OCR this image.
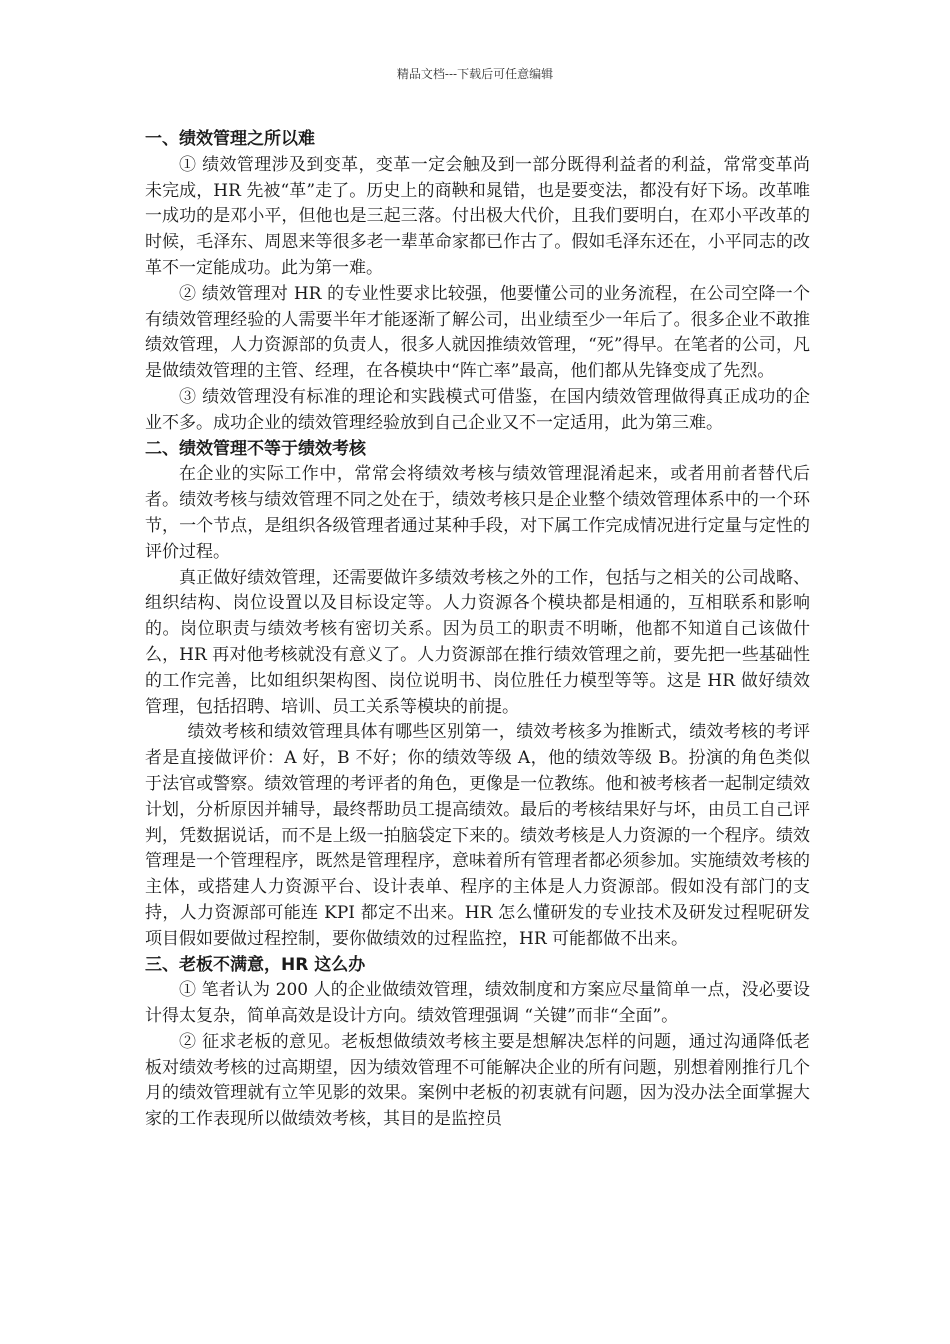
精品文档---下载后可任意编辑
一、绩效管理之所以难

① 绩效管理涉及到变革，变革一定会触及到一部分既得利益者的利益，常常变革尚未完成，HR 先被“革”走了。历史上的商鞅和晁错，也是要变法，都没有好下场。改革唯一成功的是邓小平，但他也是三起三落。付出极大代价，且我们要明白，在邓小平改革的时候，毛泽东、周恩来等很多老一辈革命家都已作古了。假如毛泽东还在，小平同志的改革不一定能成功。此为第一难。

② 绩效管理对 HR 的专业性要求比较强，他要懂公司的业务流程，在公司空降一个有绩效管理经验的人需要半年才能逐渐了解公司，出业绩至少一年后了。很多企业不敢推绩效管理，人力资源部的负责人，很多人就因推绩效管理，“死”得早。在笔者的公司，凡是做绩效管理的主管、经理，在各模块中“阵亡率”最高，他们都从先锋变成了先烈。

③ 绩效管理没有标准的理论和实践模式可借鉴，在国内绩效管理做得真正成功的企业不多。成功企业的绩效管理经验放到自己企业又不一定适用，此为第三难。

二、绩效管理不等于绩效考核

在企业的实际工作中，常常会将绩效考核与绩效管理混淆起来，或者用前者替代后者。绩效考核与绩效管理不同之处在于，绩效考核只是企业整个绩效管理体系中的一个环节，一个节点，是组织各级管理者通过某种手段，对下属工作完成情况进行定量与定性的评价过程。

真正做好绩效管理，还需要做许多绩效考核之外的工作，包括与之相关的公司战略、组织结构、岗位设置以及目标设定等。人力资源各个模块都是相通的，互相联系和影响的。岗位职责与绩效考核有密切关系。因为员工的职责不明晰，他都不知道自己该做什么，HR 再对他考核就没有意义了。人力资源部在推行绩效管理之前，要先把一些基础性的工作完善，比如组织架构图、岗位说明书、岗位胜任力模型等等。这是 HR 做好绩效管理，包括招聘、培训、员工关系等模块的前提。

绩效考核和绩效管理具体有哪些区别第一，绩效考核多为推断式，绩效考核的考评者是直接做评价：A 好，B 不好；你的绩效等级 A，他的绩效等级 B。扮演的角色类似于法官或警察。绩效管理的考评者的角色，更像是一位教练。他和被考核者一起制定绩效计划，分析原因并辅导，最终帮助员工提高绩效。最后的考核结果好与坏，由员工自己评判，凭数据说话，而不是上级一拍脑袋定下来的。绩效考核是人力资源的一个程序。绩效管理是一个管理程序，既然是管理程序，意味着所有管理者都必须参加。实施绩效考核的主体，或搭建人力资源平台、设计表单、程序的主体是人力资源部。假如没有部门的支持，人力资源部可能连 KPI 都定不出来。HR 怎么懂研发的专业技术及研发过程呢研发项目假如要做过程控制，要你做绩效的过程监控，HR 可能都做不出来。

三、老板不满意，HR 这么办

① 笔者认为 200 人的企业做绩效管理，绩效制度和方案应尽量简单一点，没必要设计得太复杂，简单高效是设计方向。绩效管理强调 “关键”而非“全面”。

② 征求老板的意见。老板想做绩效考核主要是想解决怎样的问题，通过沟通降低老板对绩效考核的过高期望，因为绩效管理不可能解决企业的所有问题，别想着刚推行几个月的绩效管理就有立竿见影的效果。案例中老板的初衷就有问题，因为没办法全面掌握大家的工作表现所以做绩效考核，其目的是监控员
